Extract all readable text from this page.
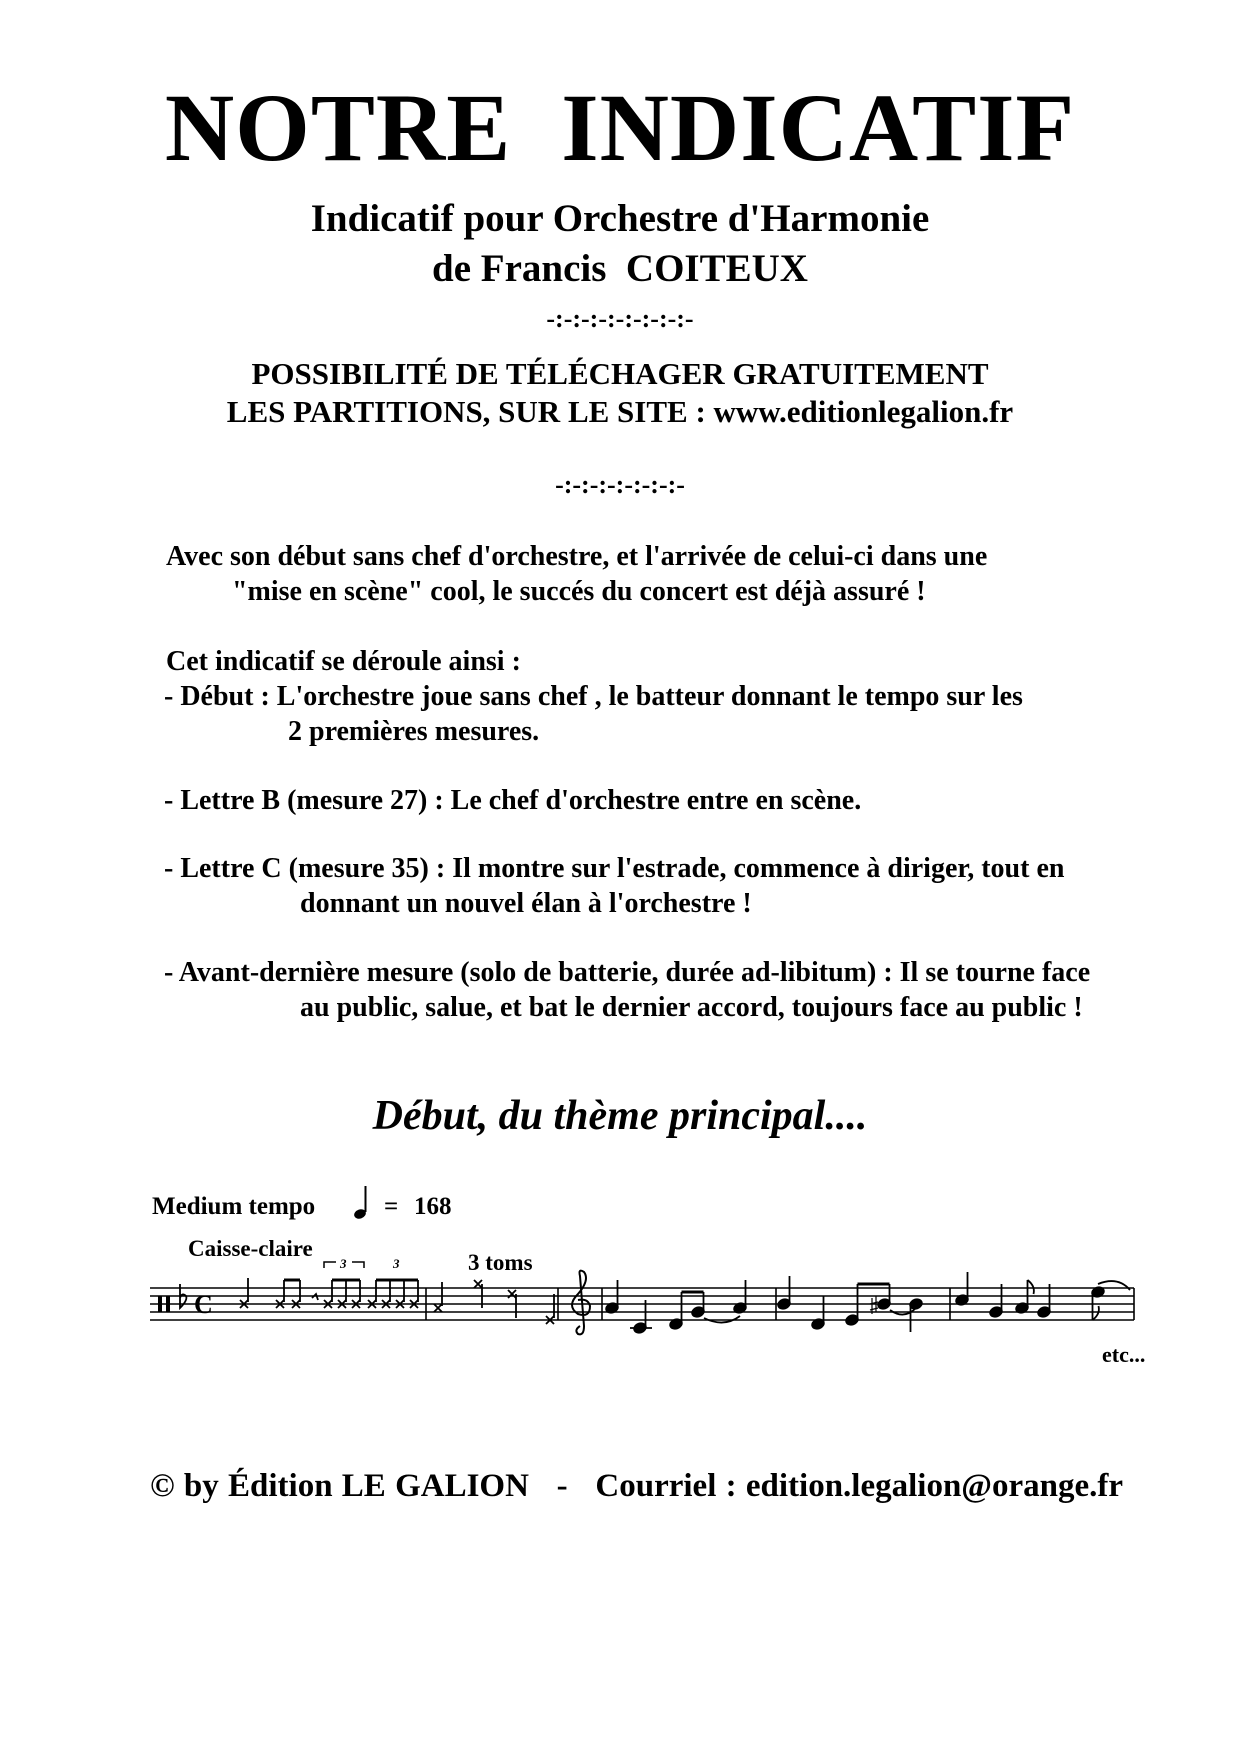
NOTRE  INDICATIF
Indicatif pour Orchestre d'Harmonie
de Francis  COITEUX
-:-:-:-:-:-:-:-:-
POSSIBILITÉ DE TÉLÉCHAGER GRATUITEMENT
LES PARTITIONS, SUR LE SITE : www.editionlegalion.fr
-:-:-:-:-:-:-:-
Avec son début sans chef d'orchestre, et l'arrivée de celui-ci dans une
"mise en scène" cool, le succés du concert est déjà assuré !
Cet indicatif se déroule ainsi :
- Début : L'orchestre joue sans chef , le batteur donnant le tempo sur les
2 premières mesures.
- Lettre B (mesure 27) : Le chef d'orchestre entre en scène.
- Lettre C (mesure 35) : Il montre sur l'estrade, commence à diriger, tout en
donnant un nouvel élan à l'orchestre !
- Avant-dernière mesure (solo de batterie, durée ad-libitum) : Il se tourne face
au public, salue, et bat le dernier accord, toujours face au public !
Début, du thème principal....
Medium tempo	= 168
Caisse-claire
3 toms
etc...
3	3
C
© by Édition LE GALION   -   Courriel : edition.legalion@orange.fr
